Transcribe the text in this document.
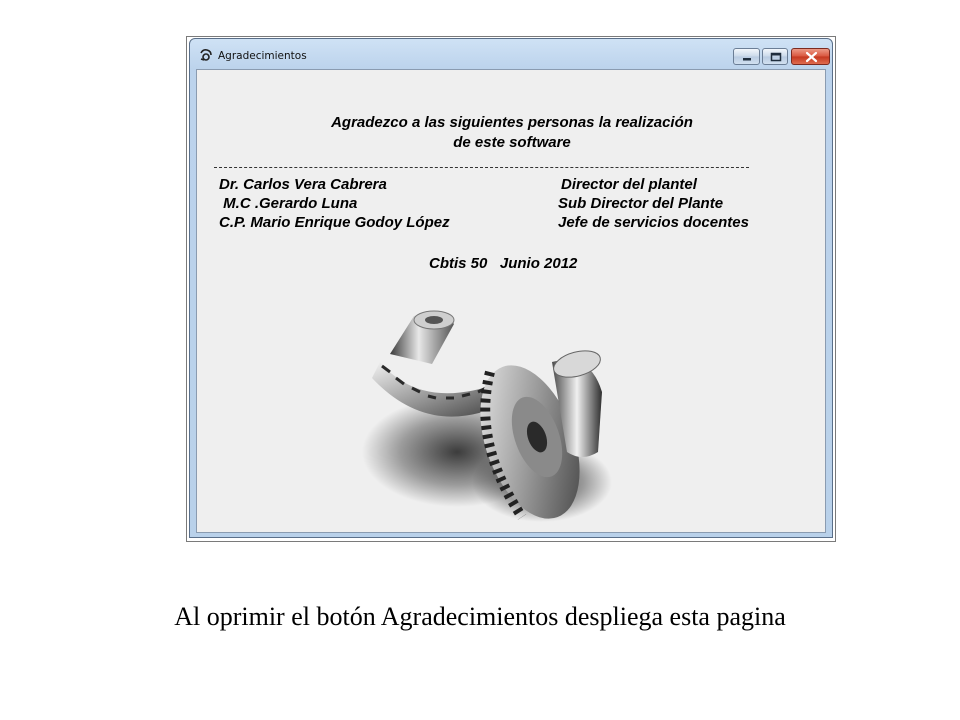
Agradecimientos

Agradezco a las siguientes personas la realización

de este software

Dr. Carlos Vera Cabrera	Director del plantel
M.C .Gerardo Luna	Sub Director del Plante
C.P. Mario Enrique Godoy López	Jefe de servicios docentes
Cbtis 50   Junio 2012

Al oprimir el botón Agradecimientos despliega esta pagina
